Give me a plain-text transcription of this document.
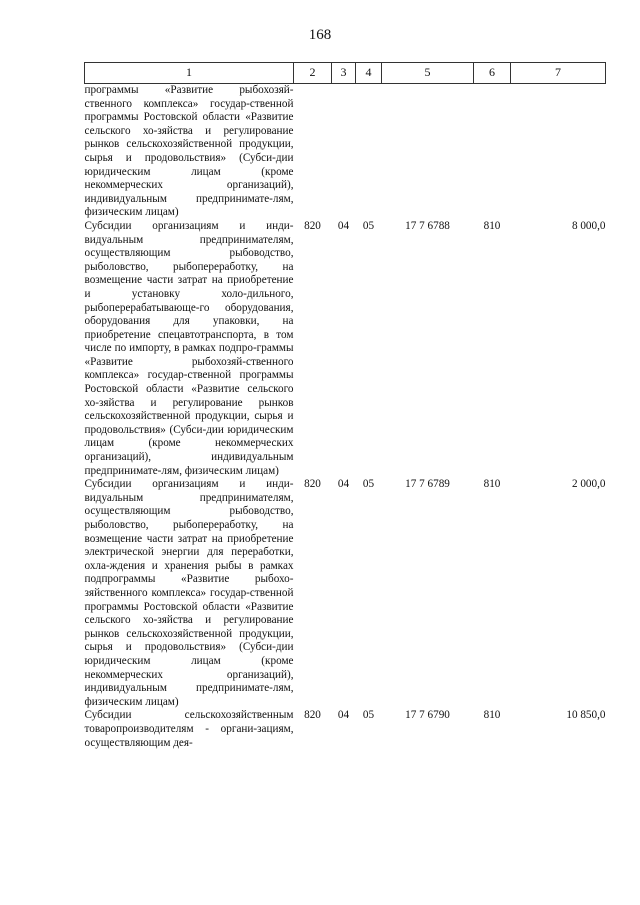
168
1	2	3	4	5	6	7
программы «Развитие рыбохозяй-ственного комплекса» государ-ственной программы Ростовской области «Развитие сельского хо-зяйства и регулирование рынков сельскохозяйственной продукции, сырья и продовольствия» (Субси-дии юридическим лицам (кроме некоммерческих организаций), индивидуальным предпринимате-лям, физическим лицам)						
Субсидии организациям и инди-видуальным предпринимателям, осуществляющим рыбоводство, рыболовство, рыбопереработку, на возмещение части затрат на приобретение и установку холо-дильного, рыбоперерабатывающе-го оборудования, оборудования для упаковки, на приобретение спецавтотранспорта, в том числе по импорту, в рамках подпро-граммы «Развитие рыбохозяй-ственного комплекса» государ-ственной программы Ростовской области «Развитие сельского хо-зяйства и регулирование рынков сельскохозяйственной продукции, сырья и продовольствия» (Субси-дии юридическим лицам (кроме некоммерческих организаций), индивидуальным предпринимате-лям, физическим лицам)	820	04	05	17 7 6788	810	8 000,0
Субсидии организациям и инди-видуальным предпринимателям, осуществляющим рыбоводство, рыболовство, рыбопереработку, на возмещение части затрат на приобретение электрической энергии для переработки, охла-ждения и хранения рыбы в рамках подпрограммы «Развитие рыбохо-зяйственного комплекса» государ-ственной программы Ростовской области «Развитие сельского хо-зяйства и регулирование рынков сельскохозяйственной продукции, сырья и продовольствия» (Субси-дии юридическим лицам (кроме некоммерческих организаций), индивидуальным предпринимате-лям, физическим лицам)	820	04	05	17 7 6789	810	2 000,0
Субсидии сельскохозяйственным товаропроизводителям - органи-зациям, осуществляющим дея-	820	04	05	17 7 6790	810	10 850,0
